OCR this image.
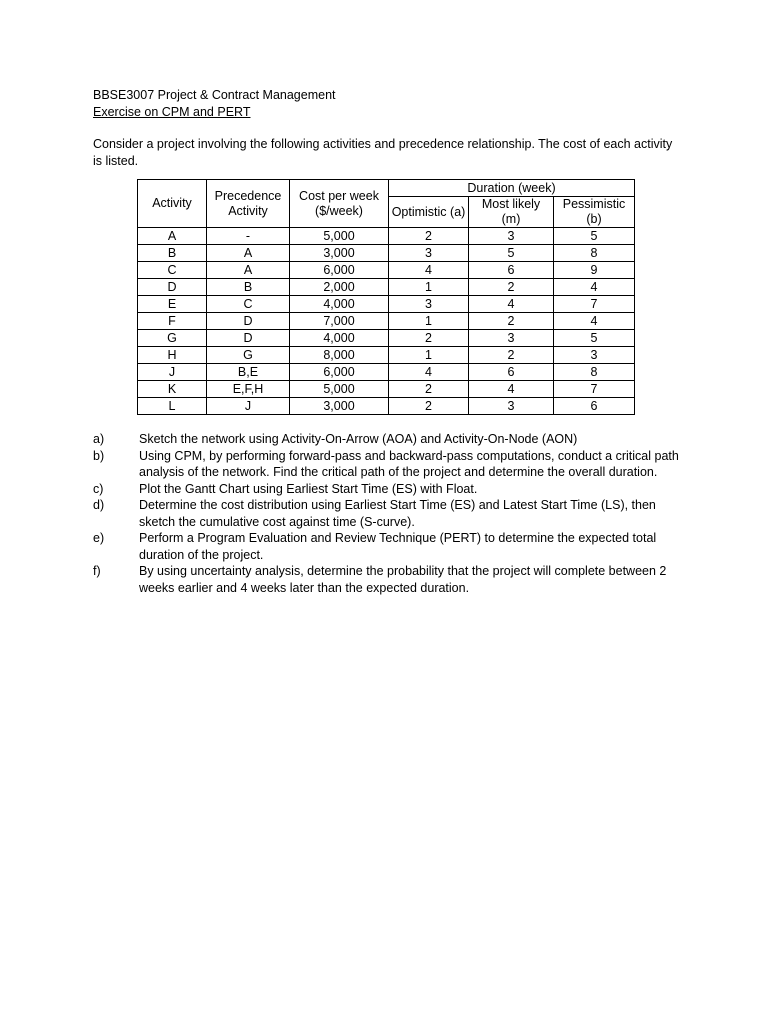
BBSE3007 Project & Contract Management

Exercise on CPM and PERT

Consider a project involving the following activities and precedence relationship. The cost of each activity is listed.

Activity	Precedence Activity	Cost per week ($/week)	Duration (week)		
			Optimistic (a)	Most likely (m)	Pessimistic (b)
A	-	5,000	2	3	5
B	A	3,000	3	5	8
C	A	6,000	4	6	9
D	B	2,000	1	2	4
E	C	4,000	3	4	7
F	D	7,000	1	2	4
G	D	4,000	2	3	5
H	G	8,000	1	2	3
J	B,E	6,000	4	6	8
K	E,F,H	5,000	2	4	7
L	J	3,000	2	3	6
a)	Sketch the network using Activity-On-Arrow (AOA) and Activity-On-Node (AON)
b)	Using CPM, by performing forward-pass and backward-pass computations, conduct a critical path analysis of the network. Find the critical path of the project and determine the overall duration.
c)	Plot the Gantt Chart using Earliest Start Time (ES) with Float.
d)	Determine the cost distribution using Earliest Start Time (ES) and Latest Start Time (LS), then sketch the cumulative cost against time (S-curve).
e)	Perform a Program Evaluation and Review Technique (PERT) to determine the expected total duration of the project.
f)	By using uncertainty analysis, determine the probability that the project will complete between 2 weeks earlier and 4 weeks later than the expected duration.
